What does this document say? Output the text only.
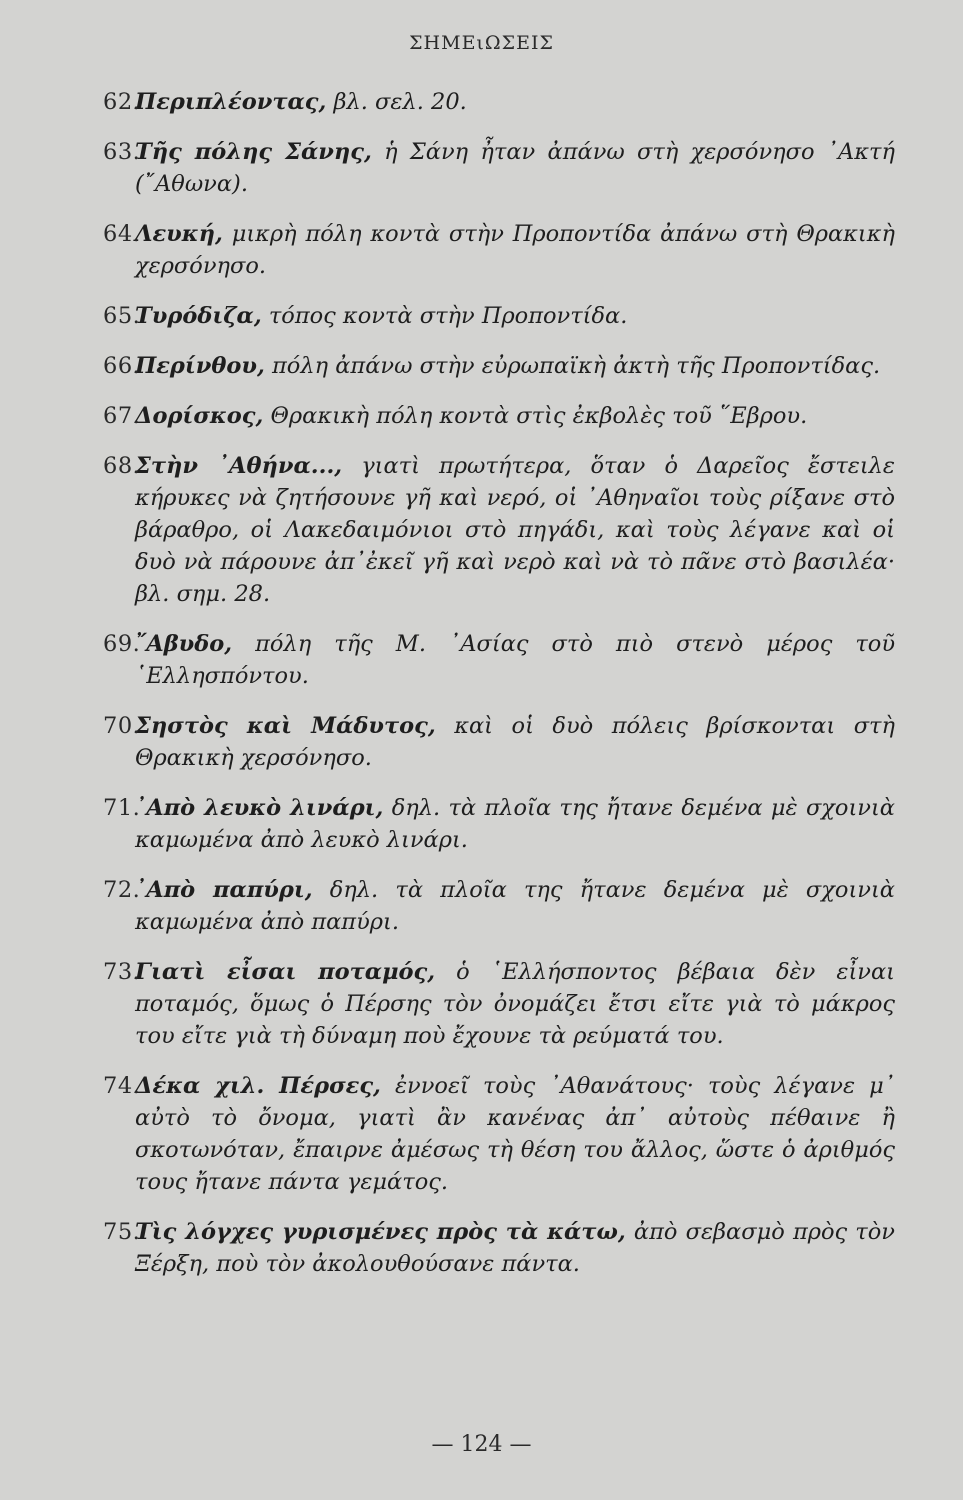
ΣΗΜΕιΩΣΕΙΣ

62.
Περιπλέοντας, βλ. σελ. 20.

63.
Τῆς πόλης Σάνης, ἡ Σάνη ἦταν ἀπάνω στὴ χερσόνησο ᾿Ακτή (῎Αθωνα).

64.
Λευκή, μικρὴ πόλη κοντὰ στὴν Προποντίδα ἀπάνω στὴ Θρακικὴ χερσόνησο.

65.
Τυρόδιζα, τόπος κοντὰ στὴν Προποντίδα.

66.
Περίνθου, πόλη ἀπάνω στὴν εὐρωπαϊκὴ ἀκτὴ τῆς Προποντίδας.

67.
Δορίσκος, Θρακικὴ πόλη κοντὰ στὶς ἐκβολὲς τοῦ ῞Εβρου.

68.
Στὴν ᾿Αθήνα..., γιατὶ πρωτήτερα, ὅταν ὁ Δαρεῖος ἔστειλε κήρυκες νὰ ζητήσουνε γῆ καὶ νερό, οἱ ᾿Αθηναῖοι τοὺς ρίξανε στὸ βάραθρο, οἱ Λακεδαιμόνιοι στὸ πηγάδι, καὶ τοὺς λέγανε καὶ οἱ δυὸ νὰ πάρουνε ἀπ᾿ἐκεῖ γῆ καὶ νερὸ καὶ νὰ τὸ πᾶνε στὸ βασιλέα· βλ. σημ. 28.

69.
῎Αβυδο, πόλη τῆς Μ. ᾿Ασίας στὸ πιὸ στενὸ μέρος τοῦ ῾Ελλησπόντου.

70.
Σηστὸς καὶ Μάδυτος, καὶ οἱ δυὸ πόλεις βρίσκονται στὴ Θρακικὴ χερσόνησο.

71.
᾿Απὸ λευκὸ λινάρι, δηλ. τὰ πλοῖα της ἤτανε δεμένα μὲ σχοινιὰ καμωμένα ἀπὸ λευκὸ λινάρι.

72.
᾿Απὸ παπύρι, δηλ. τὰ πλοῖα της ἤτανε δεμένα μὲ σχοινιὰ καμωμένα ἀπὸ παπύρι.

73.
Γιατὶ εἶσαι ποταμός, ὁ ῾Ελλήσποντος βέβαια δὲν εἶναι ποταμός, ὅμως ὁ Πέρσης τὸν ὀνομάζει ἔτσι εἴτε γιὰ τὸ μάκρος του εἴτε γιὰ τὴ δύναμη ποὺ ἔχουνε τὰ ρεύματά του.

74.
Δέκα χιλ. Πέρσες, ἐννοεῖ τοὺς ᾿Αθανάτους· τοὺς λέγανε μ᾿ αὐτὸ τὸ ὄνομα, γιατὶ ἂν κανένας ἀπ᾿ αὐτοὺς πέθαινε ἢ σκοτωνόταν, ἔπαιρνε ἀμέσως τὴ θέση του ἄλλος, ὥστε ὁ ἀριθμός τους ἤτανε πάντα γεμάτος.

75.
Τὶς λόγχες γυρισμένες πρὸς τὰ κάτω, ἀπὸ σεβασμὸ πρὸς τὸν Ξέρξη, ποὺ τὸν ἀκολουθούσανε πάντα.

— 124 —
